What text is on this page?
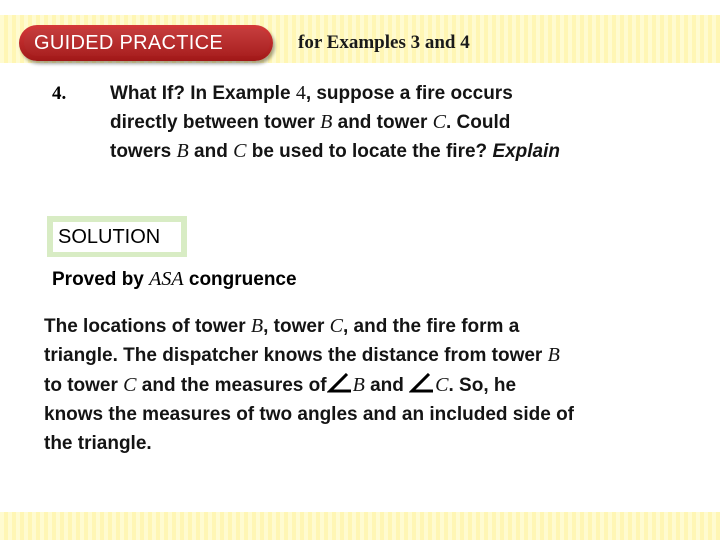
GUIDED PRACTICE	for Examples 3 and 4
4. What If? In Example 4, suppose a fire occurs
directly between tower B and tower C. Could
towers B and C be used to locate the fire? Explain
SOLUTION
Proved by ASA congruence
The locations of tower B, tower C, and the fire form a
triangle. The dispatcher knows the distance from tower B
to tower C and the measures of B and C. So, he
knows the measures of two angles and an included side of
the triangle.
